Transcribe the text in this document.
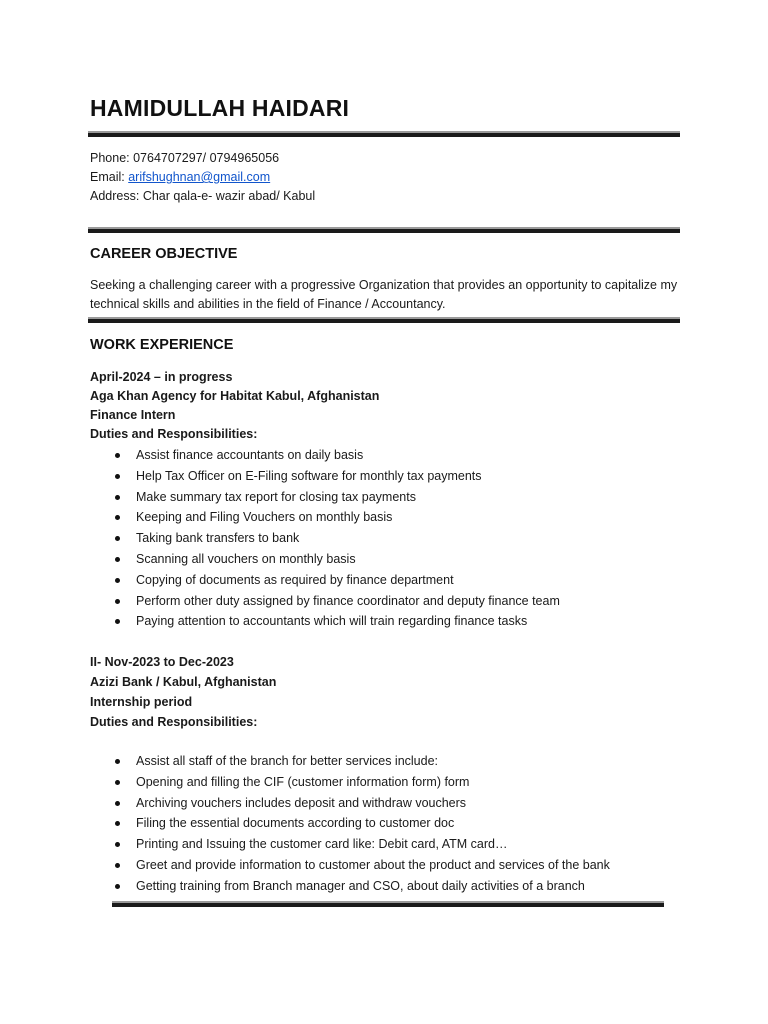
HAMIDULLAH HAIDARI
Phone: 0764707297/ 0794965056
Email: arifshughnan@gmail.com
Address: Char qala-e- wazir abad/ Kabul
CAREER OBJECTIVE

Seeking a challenging career with a progressive Organization that provides an opportunity to capitalize my technical skills and abilities in the field of Finance / Accountancy.

WORK EXPERIENCE

April-2024 – in progress

Aga Khan Agency for Habitat Kabul, Afghanistan

Finance Intern

Duties and Responsibilities:

Assist finance accountants on daily basis
Help Tax Officer on E-Filing software for monthly tax payments
Make summary tax report for closing tax payments
Keeping and Filing Vouchers on monthly basis
Taking bank transfers to bank
Scanning all vouchers on monthly basis
Copying of documents as required by finance department
Perform other duty assigned by finance coordinator and deputy finance team
Paying attention to accountants which will train regarding finance tasks

II- Nov-2023 to Dec-2023

Azizi Bank / Kabul, Afghanistan

Internship period

Duties and Responsibilities:

Assist all staff of the branch for better services include:
Opening and filling the CIF (customer information form) form
Archiving vouchers includes deposit and withdraw vouchers
Filing the essential documents according to customer doc
Printing and Issuing the customer card like: Debit card, ATM card…
Greet and provide information to customer about the product and services of the bank
Getting training from Branch manager and CSO, about daily activities of a branch
